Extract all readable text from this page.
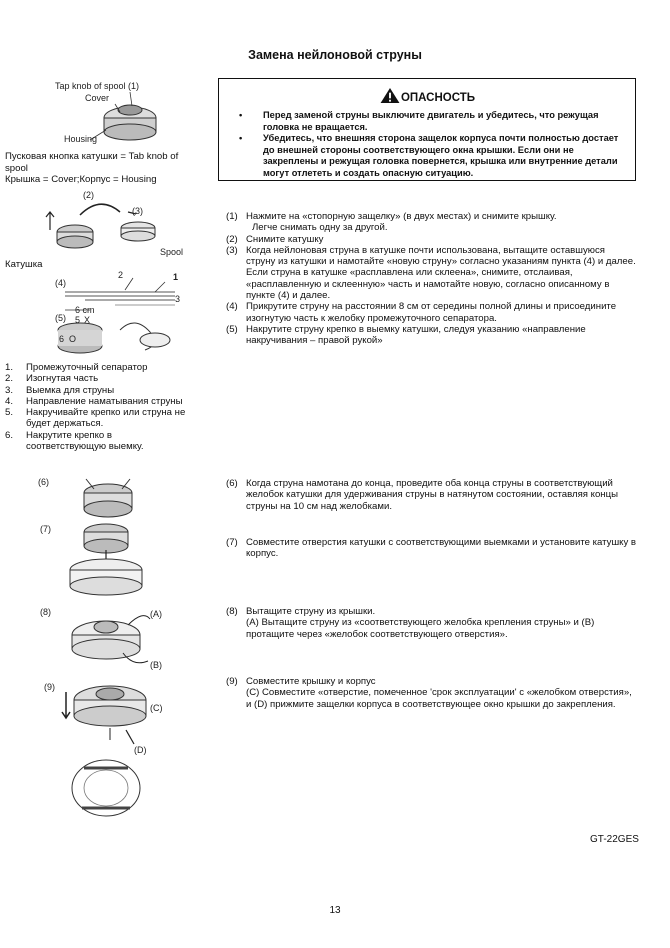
Замена нейлоновой струны
Tap knob of spool (1)
Cover
Housing
Пусковая кнопка катушки = Tab knob of spool
Крышка = Cover;Корпус = Housing
(2)
(3)
Spool
Катушка
2	1
3
(4)
6 cm
(5) 5 X
6 O
1. Промежуточный сепаратор
2. Изогнутая часть
3. Выемка для струны
4. Направление наматывания струны
5. Накручивайте крепко или струна не будет держаться.
6. Накрутите крепко в соответствующую выемку.
(6)
(7)
(8)	(A)
(B)
(9)
(C)
(D)
ОПАСНОСТЬ
• Перед заменой струны выключите двигатель и убедитесь, что режущая головка не вращается.
• Убедитесь, что внешняя сторона защелок корпуса почти полностью достает до внешней стороны соответствующего окна крышки. Если они не закреплены и режущая головка повернется, крышка или внутренние детали могут отлететь и создать опасную ситуацию.
(1) Нажмите на «стопорную защелку» (в двух местах) и снимите крышку.
Легче снимать одну за другой.
(2) Снимите катушку
(3) Когда нейлоновая струна в катушке почти использована, вытащите оставшуюся струну из катушки и намотайте «новую струну» согласно указаниям пункта (4) и далее. Если струна в катушке «расплавлена или склеена», снимите, отслаивая, «расплавленную и склеенную» часть и намотайте новую, согласно описанному в пункте (4) и далее.
(4) Прикрутите струну на расстоянии 8 см от середины полной длины и присоедините изогнутую часть к желобку промежуточного сепаратора.
(5) Накрутите струну крепко в выемку катушки, следуя указанию «направление накручивания – правой рукой»
(6) Когда струна намотана до конца, проведите оба конца струны в соответствующий желобок катушки для удерживания струны в натянутом состоянии, оставляя концы струны на 10 см над желобками.
(7) Совместите отверстия катушки с соответствующими выемками и установите катушку в корпус.
(8) Вытащите струну из крышки.
(A) Вытащите струну из «соответствующего желобка крепления струны» и (B) протащите через «желобок соответствующего отверстия».
(9) Совместите крышку и корпус
(C) Совместите «отверстие, помеченное 'срок эксплуатации' с «желобком отверстия», и (D) прижмите защелки корпуса в соответствующее окно крышки до закрепления.
GT-22GES
13
